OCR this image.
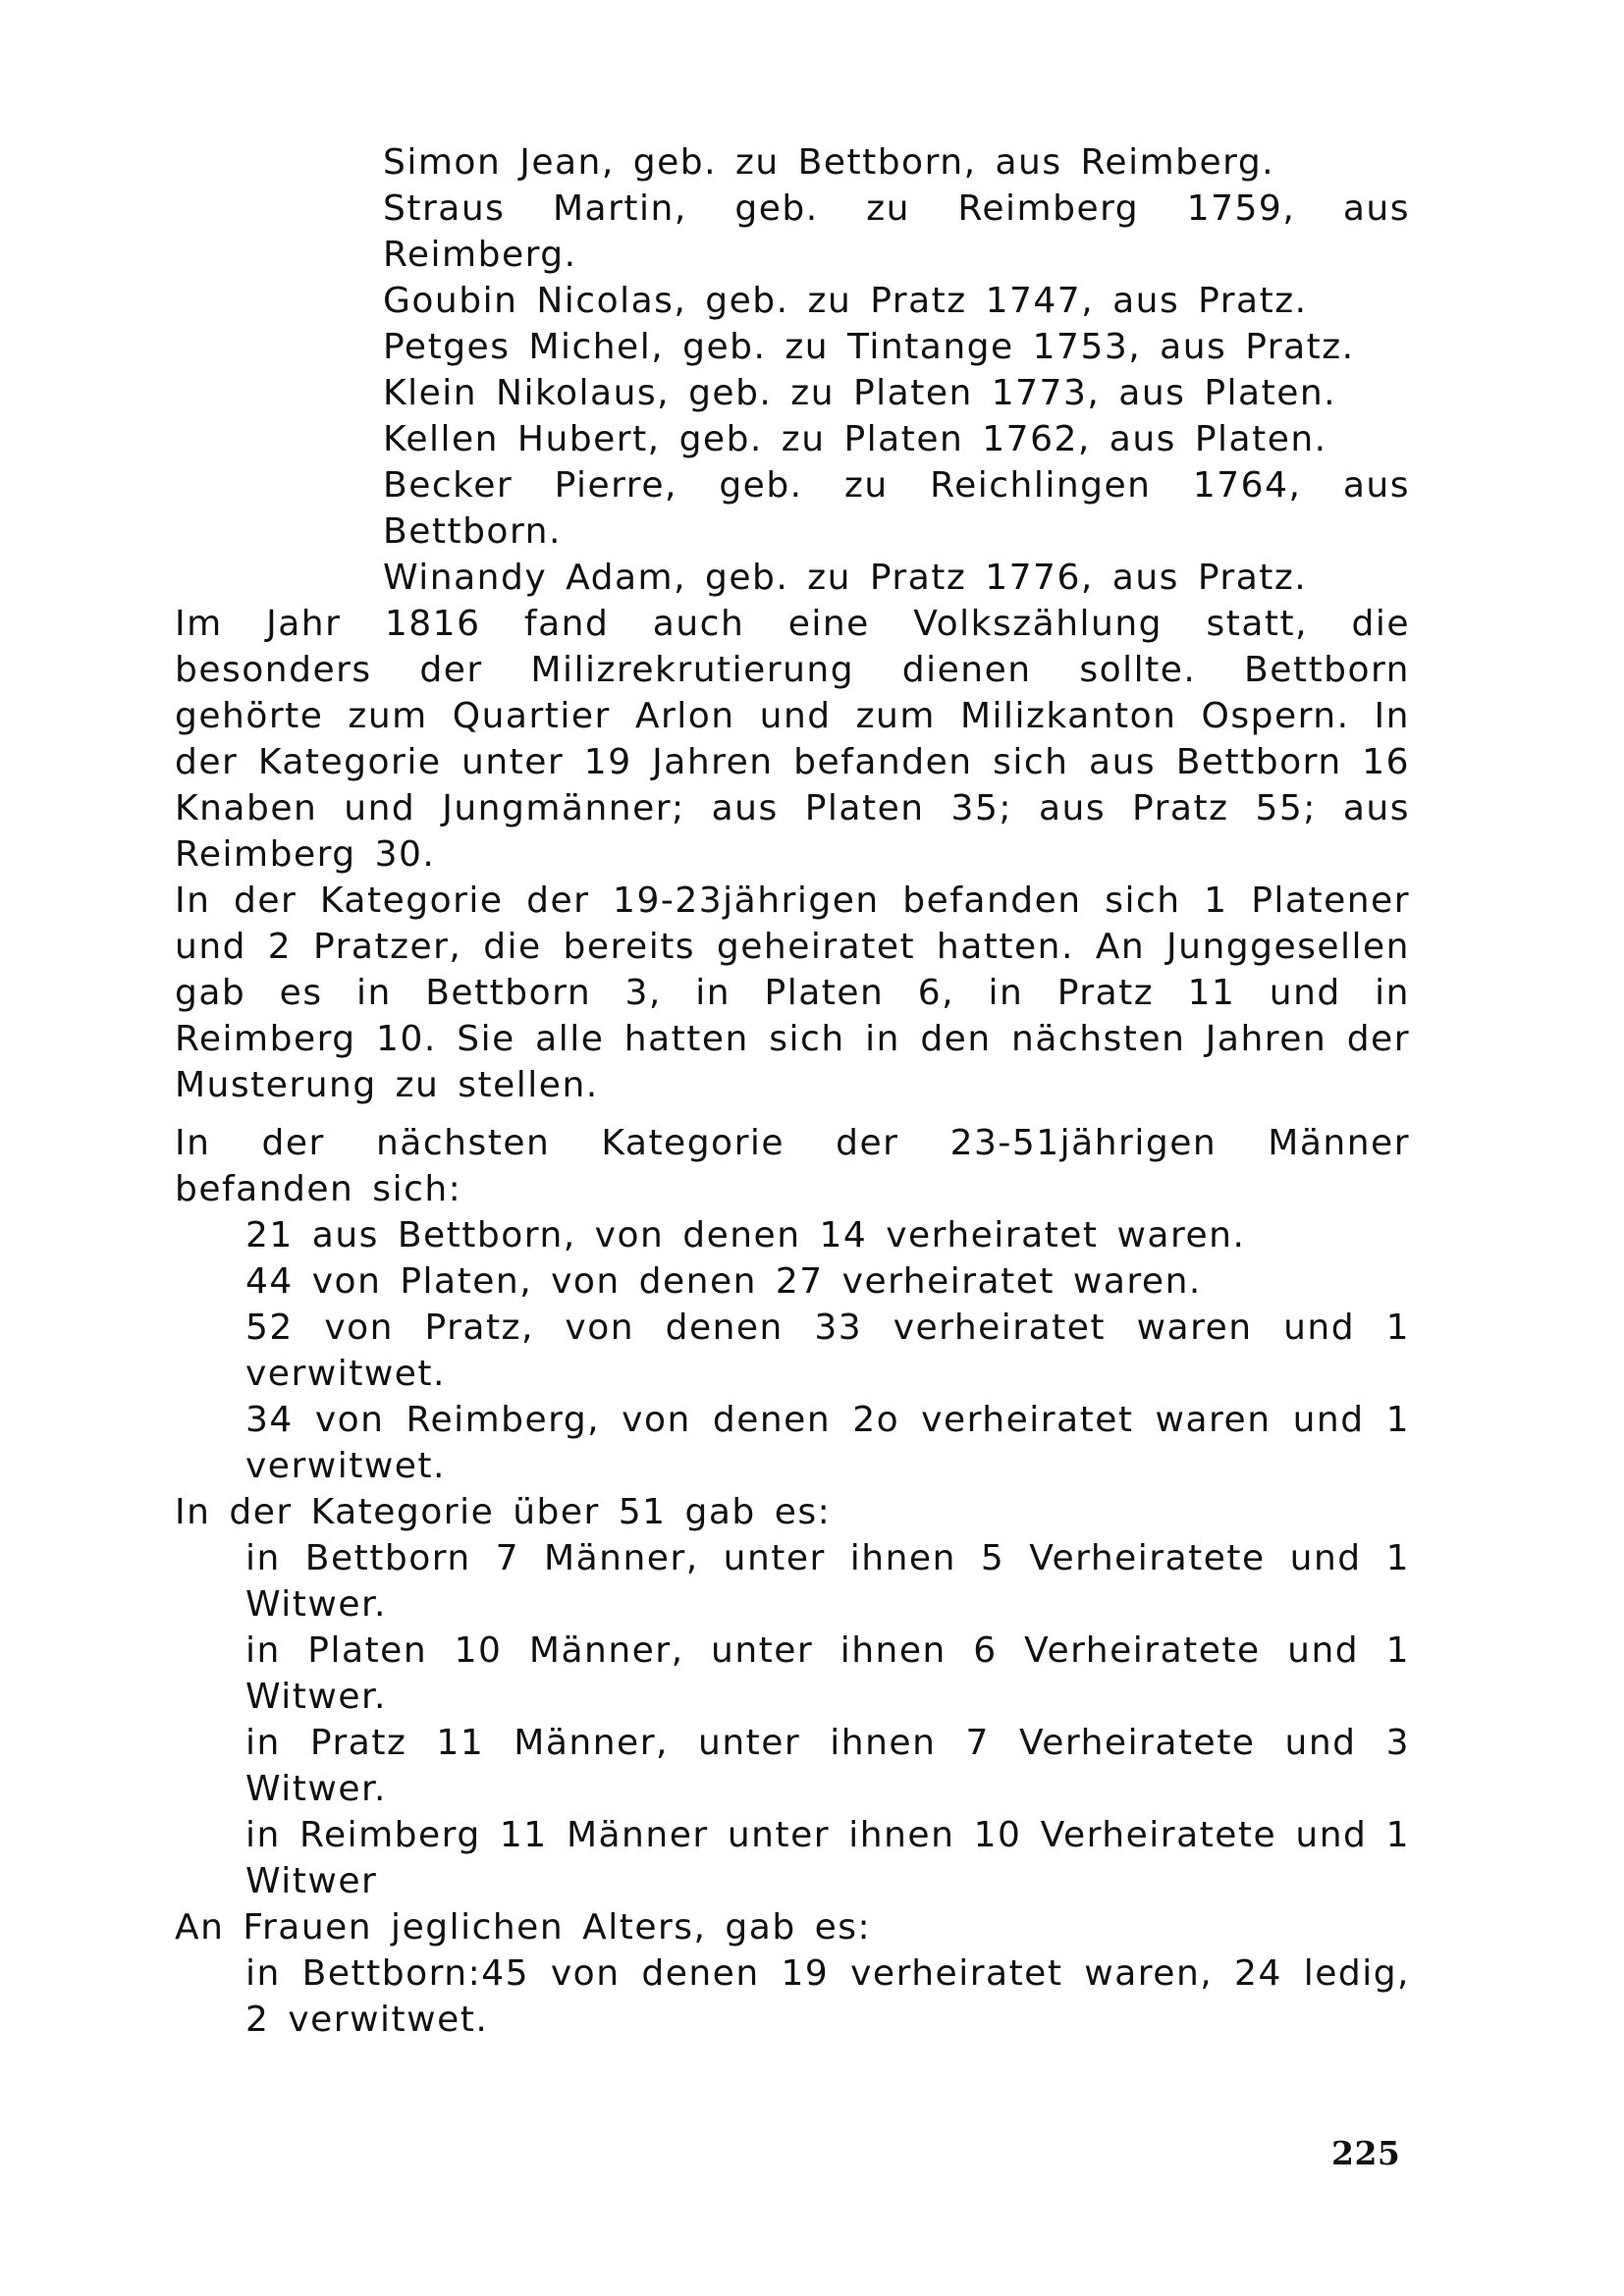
Simon Jean, geb. zu Bettborn, aus Reimberg.

Straus Martin, geb. zu Reimberg 1759, aus Reimberg.

Goubin Nicolas, geb. zu Pratz 1747, aus Pratz.

Petges Michel, geb. zu Tintange 1753, aus Pratz.

Klein Nikolaus, geb. zu Platen 1773, aus Platen.

Kellen Hubert, geb. zu Platen 1762, aus Platen.

Becker Pierre, geb. zu Reichlingen 1764, aus Bettborn.

Winandy Adam, geb. zu Pratz 1776, aus Pratz.

Im Jahr 1816 fand auch eine Volkszählung statt, die besonders der Milizrekrutierung dienen sollte. Bettborn gehörte zum Quartier Arlon und zum Milizkanton Ospern. In der Kategorie unter 19 Jahren befanden sich aus Bettborn 16 Knaben und Jungmänner; aus Platen 35; aus Pratz 55; aus Reimberg 30.

In der Kategorie der 19-23jährigen befanden sich 1 Platener und 2 Pratzer, die bereits geheiratet hatten. An Junggesellen gab es in Bettborn 3, in Platen 6, in Pratz 11 und in Reimberg 10. Sie alle hatten sich in den nächsten Jahren der Musterung zu stellen.

In der nächsten Kategorie der 23-51jährigen Männer befanden sich:

21 aus Bettborn, von denen 14 verheiratet waren.

44 von Platen, von denen 27 verheiratet waren.

52 von Pratz, von denen 33 verheiratet waren und 1 verwitwet.

34 von Reimberg, von denen 2o verheiratet waren und 1 verwitwet.

In der Kategorie über 51 gab es:

in Bettborn 7 Männer, unter ihnen 5 Verheiratete und 1 Witwer.

in Platen 10 Männer, unter ihnen 6 Verheiratete und 1 Witwer.

in Pratz 11 Männer, unter ihnen 7 Verheiratete und 3 Witwer.

in Reimberg 11 Männer unter ihnen 10 Verheiratete und 1 Witwer

An Frauen jeglichen Alters, gab es:

in Bettborn:45 von denen 19 verheiratet waren, 24 ledig, 2 verwitwet.

225
